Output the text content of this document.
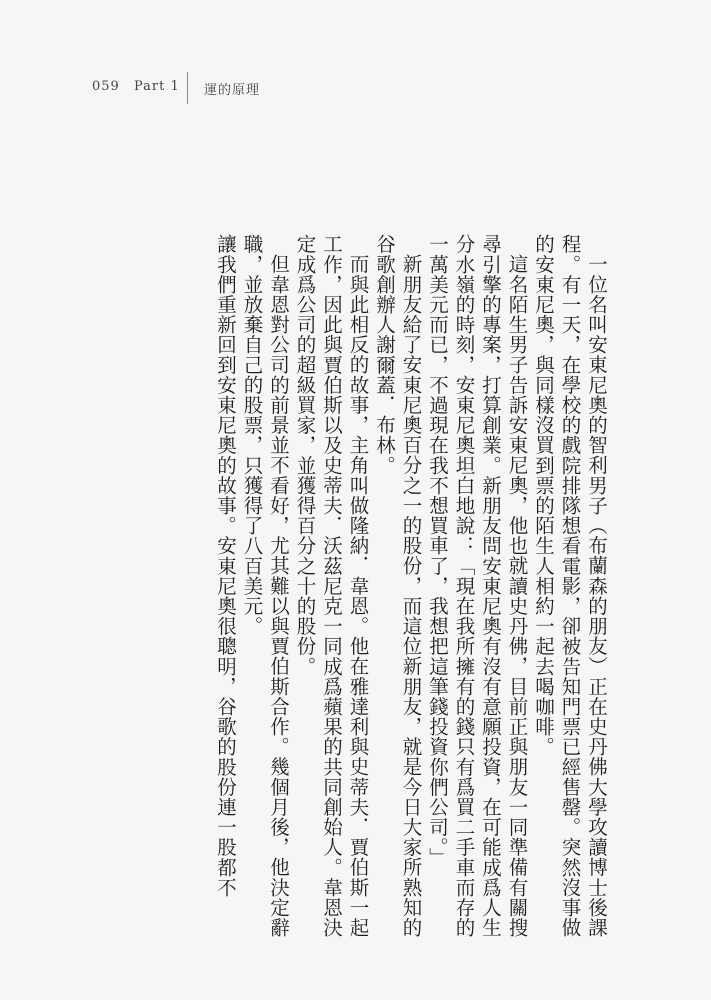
059 Part 1 運的原理

一位名叫安東尼奧的智利男子（布蘭森的朋友）正在史丹佛大學攻讀博士後課程。有一天，在學校的戲院排隊想看電影，卻被告知門票已經售罄。突然沒事做的安東尼奧，與同樣沒買到票的陌生人相約一起去喝咖啡。

這名陌生男子告訴安東尼奧，他也就讀史丹佛，目前正與朋友一同準備有關搜尋引擎的專案，打算創業。新朋友問安東尼奧有沒有意願投資，在可能成爲人生分水嶺的時刻，安東尼奧坦白地說：「現在我所擁有的錢只有爲買二手車而存的一萬美元而已，不過現在我不想買車了，我想把這筆錢投資你們公司。」

新朋友給了安東尼奧百分之一的股份，而這位新朋友，就是今日大家所熟知的谷歌創辦人謝爾蓋．布林。

而與此相反的故事，主角叫做隆納．韋恩。他在雅達利與史蒂夫．賈伯斯一起工作，因此與賈伯斯以及史蒂夫．沃茲尼克一同成爲蘋果的共同創始人。韋恩決定成爲公司的超級買家，並獲得百分之十的股份。

但韋恩對公司的前景並不看好，尤其難以與賈伯斯合作。幾個月後，他決定辭職，並放棄自己的股票，只獲得了八百美元。

讓我們重新回到安東尼奧的故事。安東尼奧很聰明，谷歌的股份連一股都不
